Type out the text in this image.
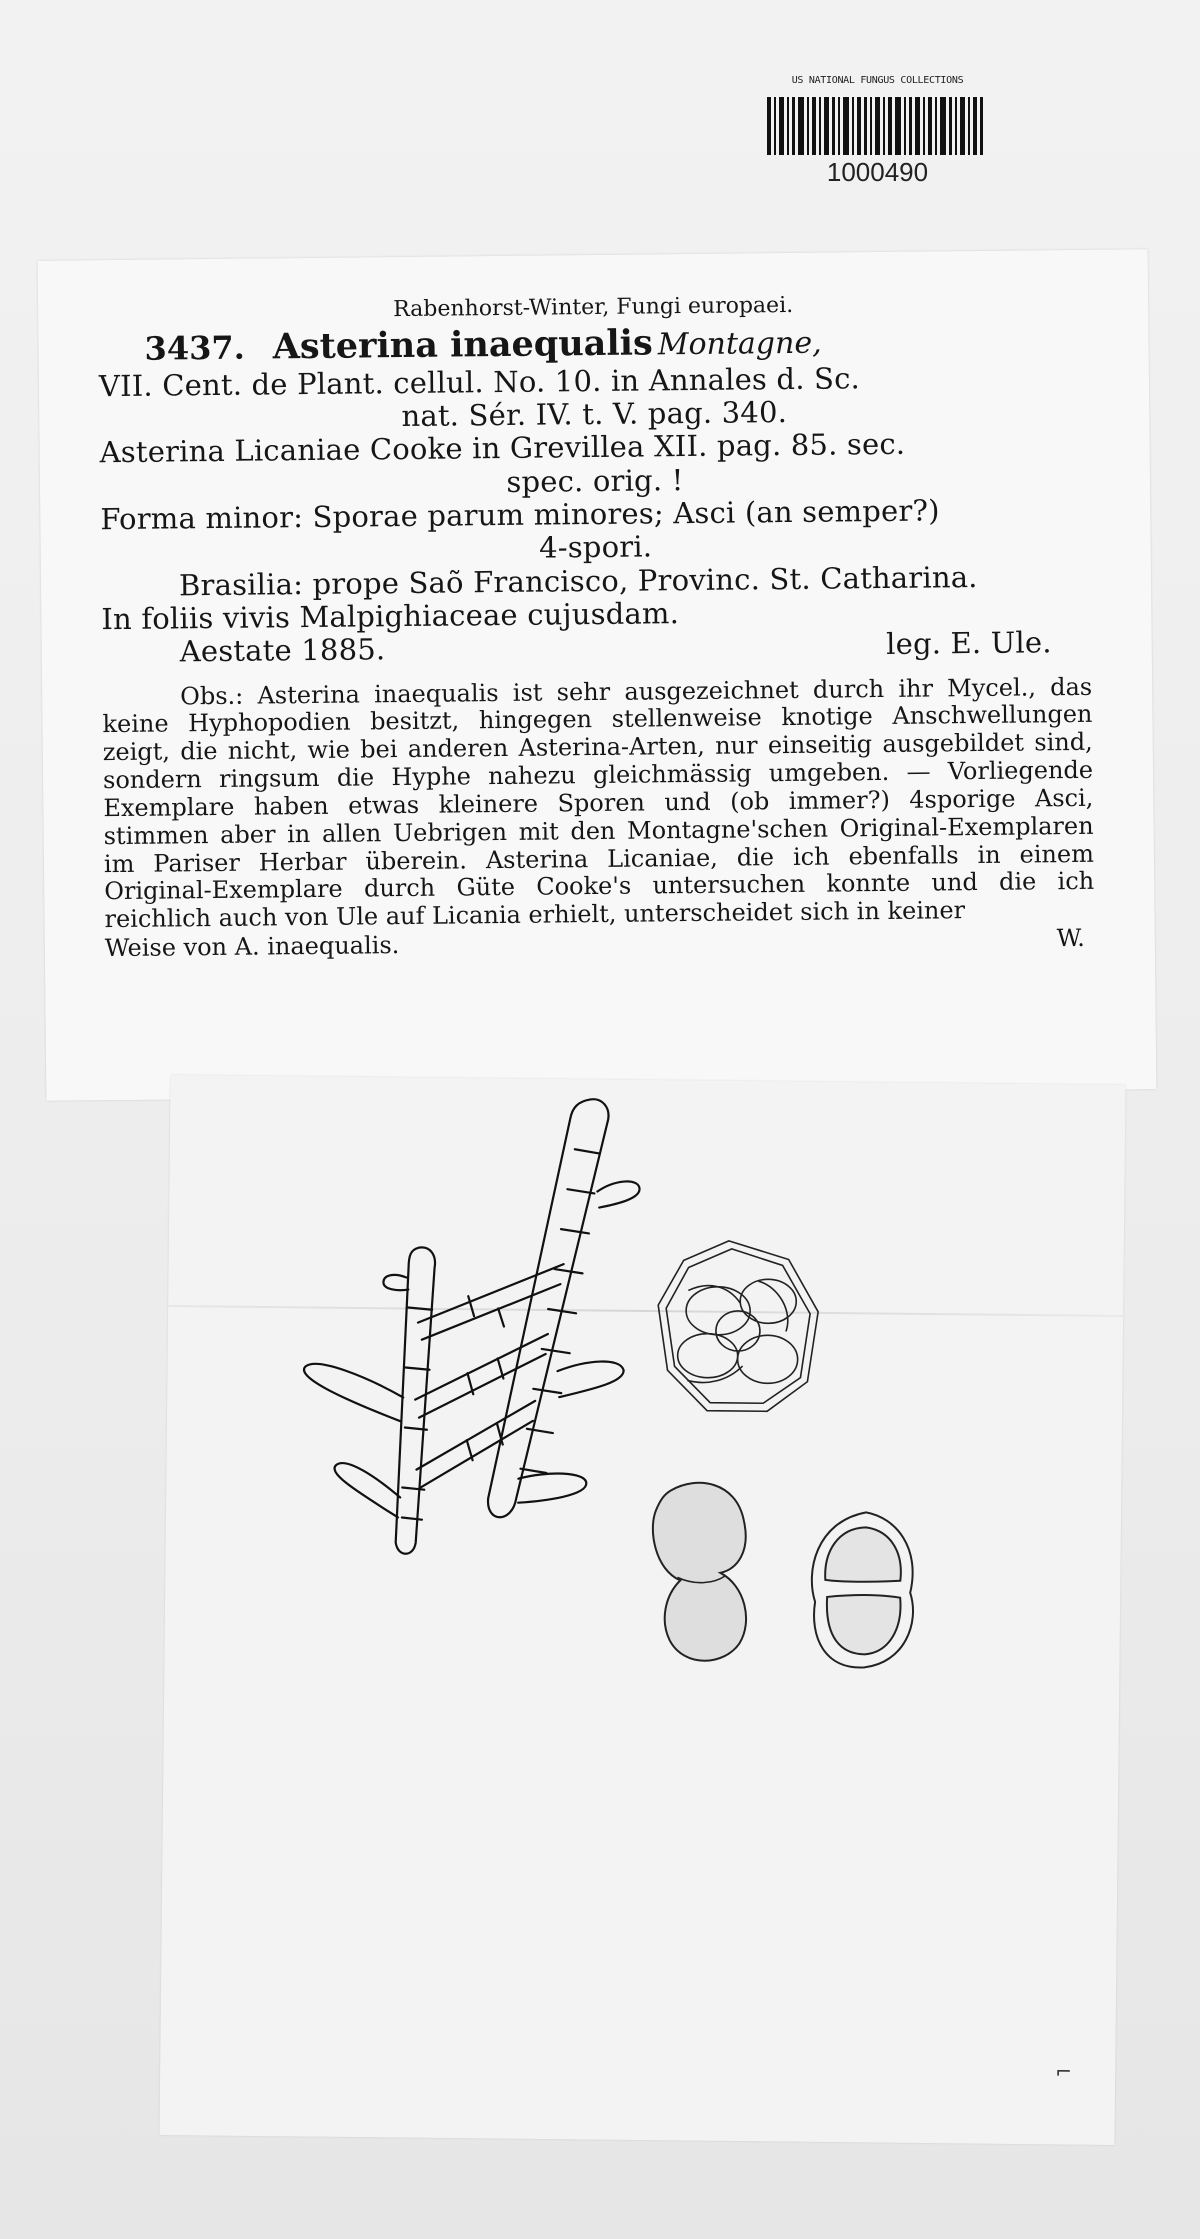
US NATIONAL FUNGUS COLLECTIONS
1000490
Rabenhorst-Winter, Fungi europaei.
3437. Asterina inaequalis Montagne,
VII. Cent. de Plant. cellul. No. 10. in Annales d. Sc.
nat. Sér. IV. t. V. pag. 340.
Asterina Licaniae Cooke in Grevillea XII. pag. 85. sec.
spec. orig. !
Forma minor: Sporae parum minores; Asci (an semper?)
4-spori.
Brasilia: prope Saõ Francisco, Provinc. St. Catharina.
In foliis vivis Malpighiaceae cujusdam.
Aestate 1885.	leg. E. Ule.
Obs.: Asterina inaequalis ist sehr ausgezeichnet durch ihr Mycel., das keine Hyphopodien besitzt, hingegen stellenweise knotige Anschwellungen zeigt, die nicht, wie bei anderen Asterina-Arten, nur einseitig ausgebildet sind, sondern ringsum die Hyphe nahezu gleichmässig umgeben. — Vorliegende Exemplare haben etwas kleinere Sporen und (ob immer?) 4sporige Asci, stimmen aber in allen Uebrigen mit den Montagne'schen Original-Exemplaren im Pariser Herbar überein. Asterina Licaniae, die ich ebenfalls in einem Original-Exemplare durch Güte Cooke's untersuchen konnte und die ich reichlich auch von Ule auf Licania erhielt, unterscheidet sich in keiner
Weise von A. inaequalis.	W.
⌐
